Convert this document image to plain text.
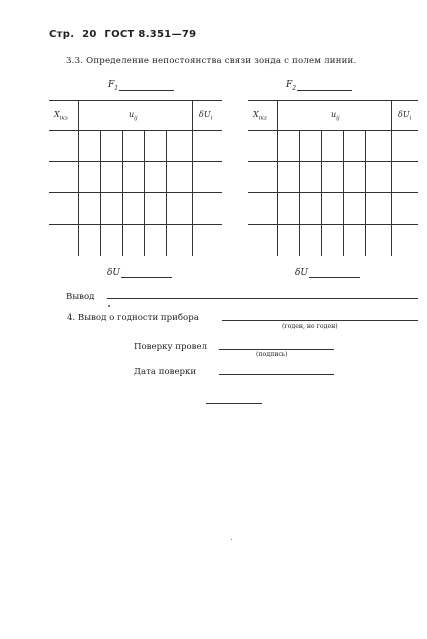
Стр. 20 ГОСТ 8.351—79
3.3. Определение непостоянства связи зонда с полем линии.
$F_1$	$F_2$
$X_{iкз}$	$u_{ij}$	$\delta U_i$	$X_{iкз}$	$u_{ij}$	$\delta U_i$
δU	δU
Вывод
4. Вывод о годности прибора
(годен, не годен)
Поверку провел
(подпись)
Дата поверки
